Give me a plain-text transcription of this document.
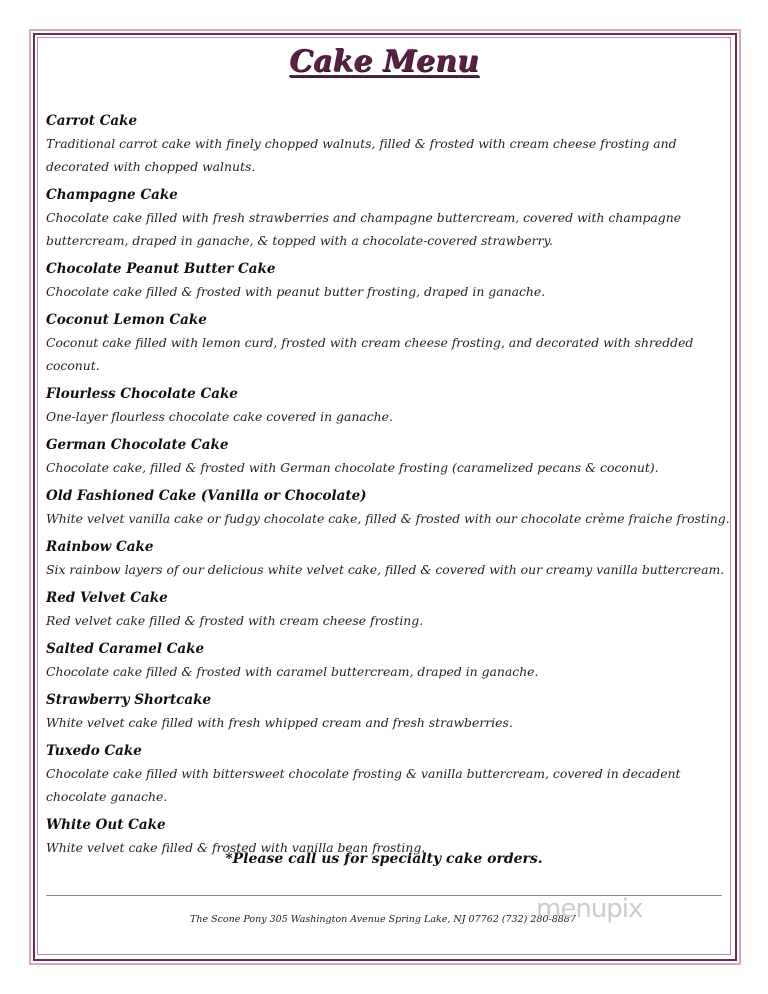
Cake Menu
Carrot Cake
Traditional carrot cake with finely chopped walnuts, filled & frosted with cream cheese frosting and decorated with chopped walnuts.
Champagne Cake
Chocolate cake filled with fresh strawberries and champagne buttercream, covered with champagne buttercream, draped in ganache, & topped with a chocolate-covered strawberry.
Chocolate Peanut Butter Cake
Chocolate cake filled & frosted with peanut butter frosting, draped in ganache.
Coconut Lemon Cake
Coconut cake filled with lemon curd, frosted with cream cheese frosting, and decorated with shredded coconut.
Flourless Chocolate Cake
One-layer flourless chocolate cake covered in ganache.
German Chocolate Cake
Chocolate cake, filled & frosted with German chocolate frosting (caramelized pecans & coconut).
Old Fashioned Cake (Vanilla or Chocolate)
White velvet vanilla cake or fudgy chocolate cake, filled & frosted with our chocolate crème fraiche frosting.
Rainbow Cake
Six rainbow layers of our delicious white velvet cake, filled & covered with our creamy vanilla buttercream.
Red Velvet Cake
Red velvet cake filled & frosted with cream cheese frosting.
Salted Caramel Cake
Chocolate cake filled & frosted with caramel buttercream, draped in ganache.
Strawberry Shortcake
White velvet cake filled with fresh whipped cream and fresh strawberries.
Tuxedo Cake
Chocolate cake filled with bittersweet chocolate frosting & vanilla buttercream, covered in decadent chocolate ganache.
White Out Cake
White velvet cake filled & frosted with vanilla bean frosting.
*Please call us for specialty cake orders.
The Scone Pony 305 Washington Avenue Spring Lake, NJ 07762 (732) 280-8887
menupix
